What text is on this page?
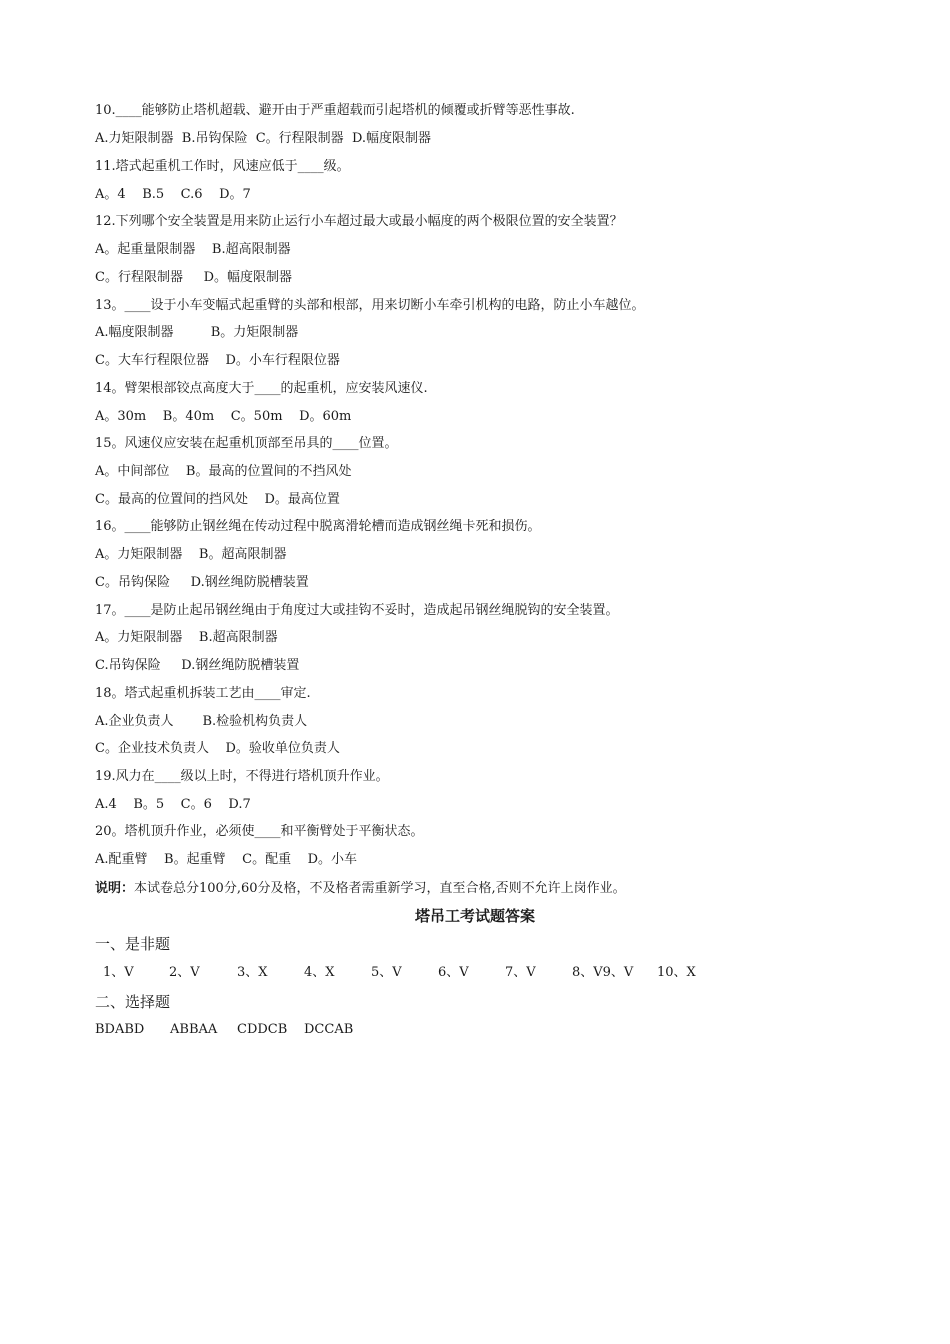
10.____能够防止塔机超载、避开由于严重超载而引起塔机的倾覆或折臂等恶性事故.
A.力矩限制器  B.吊钩保险  C。行程限制器  D.幅度限制器
11.塔式起重机工作时，风速应低于____级。
A。4    B.5    C.6    D。7
12.下列哪个安全装置是用来防止运行小车超过最大或最小幅度的两个极限位置的安全装置？
A。起重量限制器    B.超高限制器
C。行程限制器     D。幅度限制器
13。____设于小车变幅式起重臂的头部和根部，用来切断小车牵引机构的电路，防止小车越位。
A.幅度限制器         B。力矩限制器
C。大车行程限位器    D。小车行程限位器
14。臂架根部铰点高度大于____的起重机，应安装风速仪.
A。30m    B。40m    C。50m    D。60m
15。风速仪应安装在起重机顶部至吊具的____位置。
A。中间部位    B。最高的位置间的不挡风处
C。最高的位置间的挡风处    D。最高位置
16。____能够防止钢丝绳在传动过程中脱离滑轮槽而造成钢丝绳卡死和损伤。
A。力矩限制器    B。超高限制器
C。吊钩保险     D.钢丝绳防脱槽装置
17。____是防止起吊钢丝绳由于角度过大或挂钩不妥时，造成起吊钢丝绳脱钩的安全装置。
A。力矩限制器    B.超高限制器
C.吊钩保险     D.钢丝绳防脱槽装置
18。塔式起重机拆装工艺由____审定.
A.企业负责人       B.检验机构负责人
C。企业技术负责人    D。验收单位负责人
19.风力在____级以上时，不得进行塔机顶升作业。
A.4    B。5    C。6    D.7
20。塔机顶升作业，必须使____和平衡臂处于平衡状态。
A.配重臂    B。起重臂    C。配重    D。小车
说明：本试卷总分100分,60分及格，不及格者需重新学习，直至合格,否则不允许上岗作业。
塔吊工考试题答案
一、是非题
1、V	2、V	3、X	4、X	5、V	6、V	7、V	8、V9、V 10、X
二、选择题
BDABD ABBAA CDDCB DCCAB
